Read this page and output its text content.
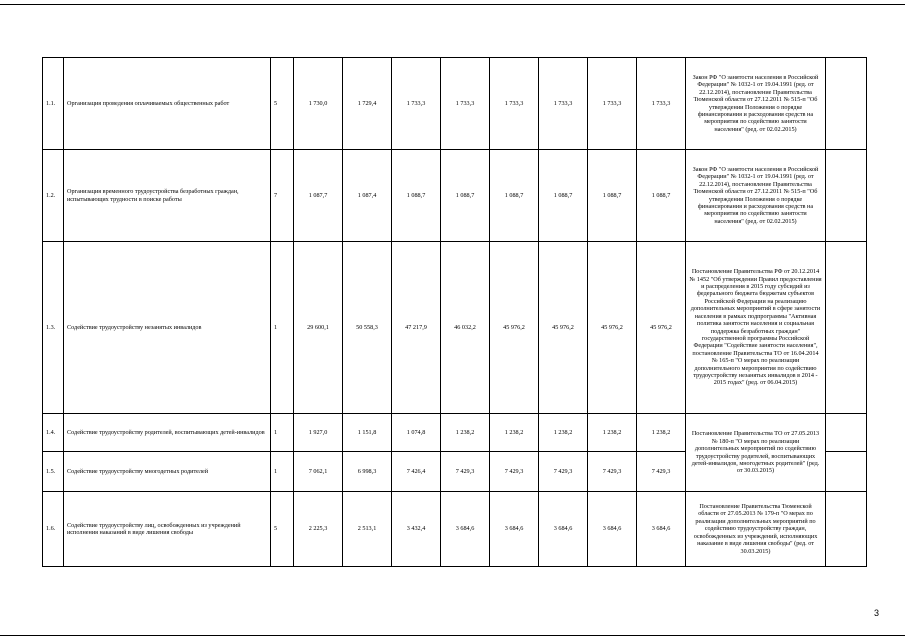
1.1.	Организация проведения оплачиваемых общественных работ	5	1 730,0	1 729,4	1 733,3	1 733,3	1 733,3	1 733,3	1 733,3	1 733,3	Закон РФ "О занятости населения в Российской Федерации" № 1032-1 от 19.04.1991 (ред. от 22.12.2014), постановление Правительства Тюменской области от 27.12.2011 № 515-п "Об утверждении Положения о порядке финансирования и расходования средств на мероприятия по содействию занятости населения" (ред. от 02.02.2015)	
1.2.	Организация временного трудоустройства безработных граждан, испытывающих трудности в поиске работы	7	1 087,7	1 087,4	1 088,7	1 088,7	1 088,7	1 088,7	1 088,7	1 088,7	Закон РФ "О занятости населения в Российской Федерации" № 1032-1 от 19.04.1991 (ред. от 22.12.2014), постановление Правительства Тюменской области от 27.12.2011 № 515-п "Об утверждении Положения о порядке финансирования и расходования средств на мероприятия по содействию занятости населения" (ред. от 02.02.2015)	
1.3.	Содействие трудоустройству незанятых инвалидов	1	29 600,1	50 558,3	47 217,9	46 032,2	45 976,2	45 976,2	45 976,2	45 976,2	Постановление Правительства РФ от 20.12.2014 № 1452 "Об утверждении Правил предоставления и распределения в 2015 году субсидий из федерального бюджета бюджетам субъектов Российской Федерации на реализацию дополнительных мероприятий в сфере занятости населения в рамках подпрограммы "Активная политика занятости населения и социальная поддержка безработных граждан" государственной программы Российской Федерации "Содействие занятости населения", постановление Правительства ТО от 16.04.2014 № 165-п "О мерах по реализации дополнительного мероприятия по содействию трудоустройству незанятых инвалидов в 2014 - 2015 годах" (ред. от 06.04.2015)	
1.4.	Содействие трудоустройству родителей, воспитывающих детей-инвалидов	1	1 927,0	1 151,8	1 074,8	1 238,2	1 238,2	1 238,2	1 238,2	1 238,2	Постановление Правительства ТО от 27.05.2013 № 180-п "О мерах по реализации дополнительных мероприятий по содействию трудоустройству родителей, воспитывающих детей-инвалидов, многодетных родителей" (ред. от 30.03.2015)	
1.5.	Содействие трудоустройству многодетных родителей	1	7 062,1	6 998,3	7 426,4	7 429,3	7 429,3	7 429,3	7 429,3	7 429,3		
1.6.	Содействие трудоустройству лиц, освобожденных из учреждений исполнения наказаний в виде лишения свободы	5	2 225,3	2 513,1	3 432,4	3 684,6	3 684,6	3 684,6	3 684,6	3 684,6	Постановление Правительства Тюменской области от 27.05.2013 № 179-п "О мерах по реализации дополнительных мероприятий по содействию трудоустройству граждан, освобожденных из учреждений, исполняющих наказание в виде лишения свободы" (ред. от 30.03.2015)	
3
